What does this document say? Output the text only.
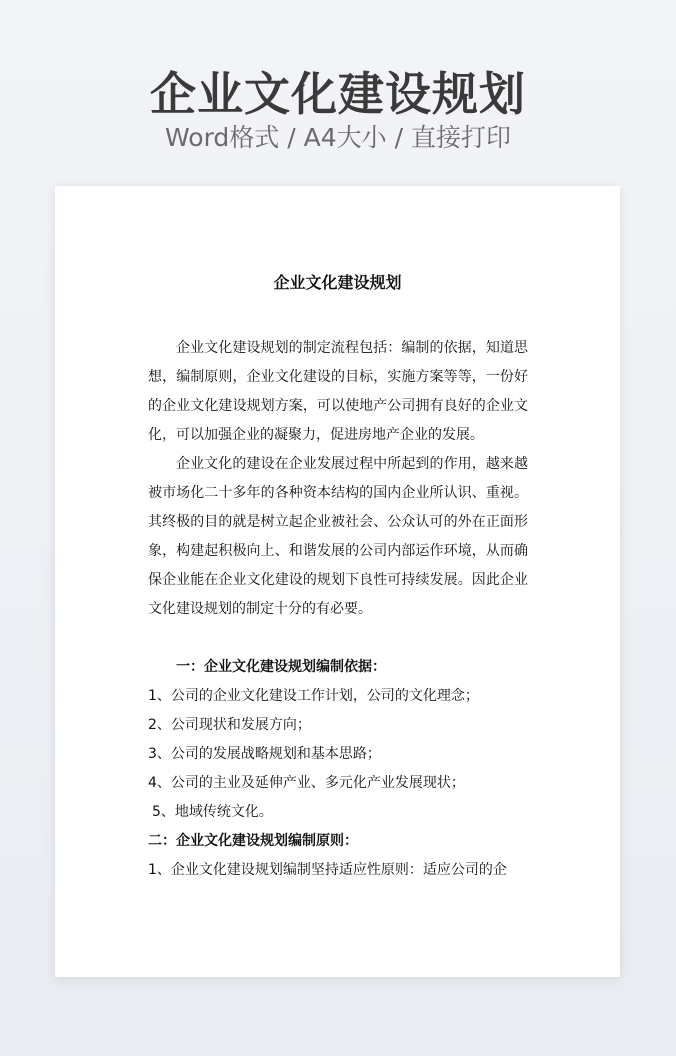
企业文化建设规划
Word格式 / A4大小 / 直接打印
企业文化建设规划

企业文化建设规划的制定流程包括：编制的依据，知道思想，编制原则，企业文化建设的目标，实施方案等等，一份好的企业文化建设规划方案，可以使地产公司拥有良好的企业文化，可以加强企业的凝聚力，促进房地产企业的发展。

企业文化的建设在企业发展过程中所起到的作用，越来越被市场化二十多年的各种资本结构的国内企业所认识、重视。其终极的目的就是树立起企业被社会、公众认可的外在正面形象，构建起积极向上、和谐发展的公司内部运作环境，从而确保企业能在企业文化建设的规划下良性可持续发展。因此企业文化建设规划的制定十分的有必要。

一：企业文化建设规划编制依据：

1、公司的企业文化建设工作计划，公司的文化理念；

2、公司现状和发展方向；

3、公司的发展战略规划和基本思路；

4、公司的主业及延伸产业、多元化产业发展现状；

5、地域传统文化。

二：企业文化建设规划编制原则：

1、企业文化建设规划编制坚持适应性原则：适应公司的企
